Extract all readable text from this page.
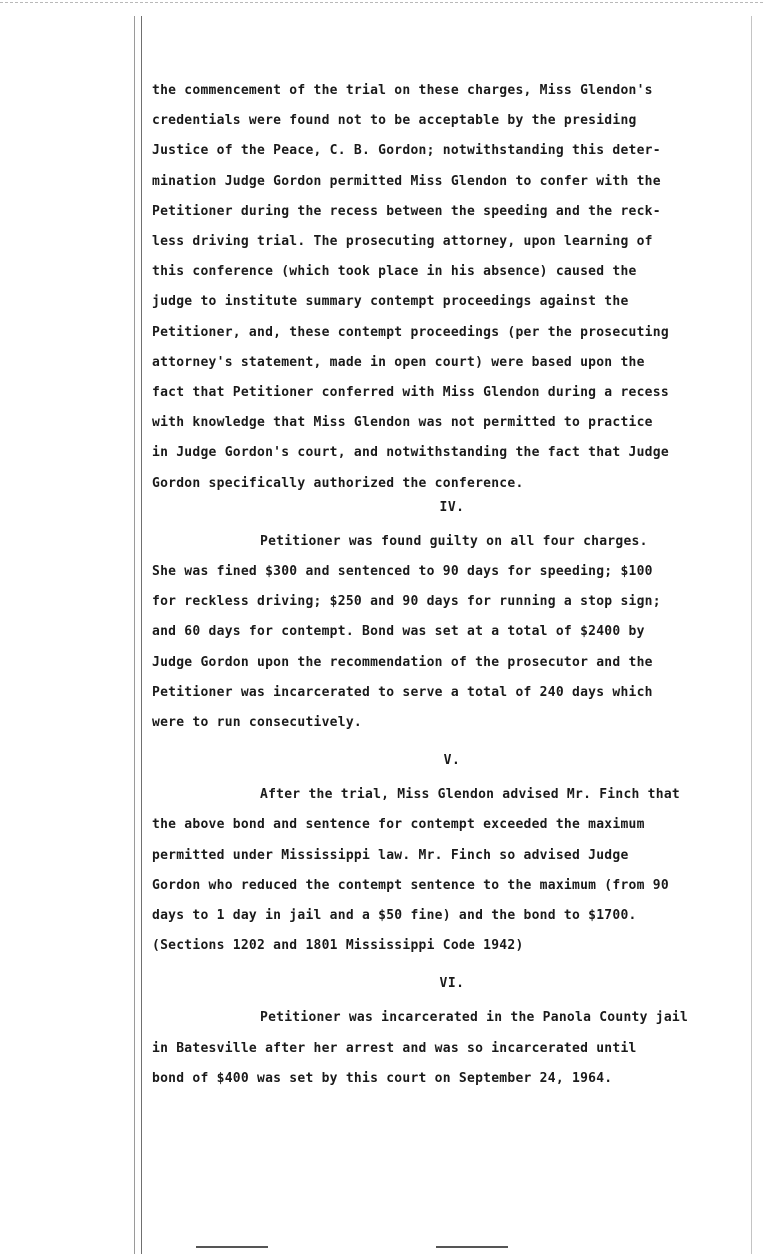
the commencement of the trial on these charges, Miss Glendon's
credentials were found not to be acceptable by the presiding
Justice of the Peace, C. B. Gordon; notwithstanding this deter-
mination Judge Gordon permitted Miss Glendon to confer with the
Petitioner during the recess between the speeding and the reck-
less driving trial. The prosecuting attorney, upon learning of
this conference (which took place in his absence) caused the
judge to institute summary contempt proceedings against the
Petitioner, and, these contempt proceedings (per the prosecuting
attorney's statement, made in open court) were based upon the
fact that Petitioner conferred with Miss Glendon during a recess
with knowledge that Miss Glendon was not permitted to practice
in Judge Gordon's court, and notwithstanding the fact that Judge
Gordon specifically authorized the conference.

IV.

Petitioner was found guilty on all four charges.
She was fined $300 and sentenced to 90 days for speeding; $100
for reckless driving; $250 and 90 days for running a stop sign;
and 60 days for contempt. Bond was set at a total of $2400 by
Judge Gordon upon the recommendation of the prosecutor and the
Petitioner was incarcerated to serve a total of 240 days which
were to run consecutively.

V.

After the trial, Miss Glendon advised Mr. Finch that
the above bond and sentence for contempt exceeded the maximum
permitted under Mississippi law. Mr. Finch so advised Judge
Gordon who reduced the contempt sentence to the maximum (from 90
days to 1 day in jail and a $50 fine) and the bond to $1700.
(Sections 1202 and 1801 Mississippi Code 1942)

VI.

Petitioner was incarcerated in the Panola County jail
in Batesville after her arrest and was so incarcerated until
bond of $400 was set by this court on September 24, 1964.
